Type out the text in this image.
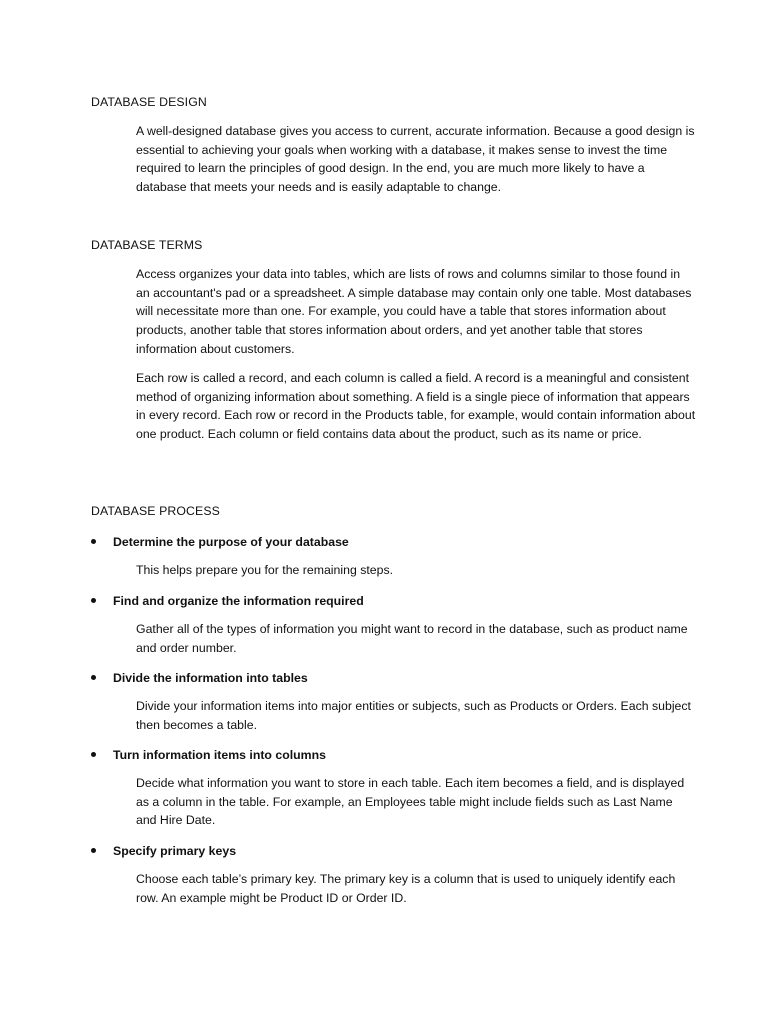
DATABASE DESIGN
A well-designed database gives you access to current, accurate information. Because a good design is essential to achieving your goals when working with a database, it makes sense to invest the time required to learn the principles of good design. In the end, you are much more likely to have a database that meets your needs and is easily adaptable to change.
DATABASE TERMS
Access organizes your data into tables, which are lists of rows and columns similar to those found in an accountant's pad or a spreadsheet. A simple database may contain only one table. Most databases will necessitate more than one. For example, you could have a table that stores information about products, another table that stores information about orders, and yet another table that stores information about customers.
Each row is called a record, and each column is called a field. A record is a meaningful and consistent method of organizing information about something. A field is a single piece of information that appears in every record. Each row or record in the Products table, for example, would contain information about one product. Each column or field contains data about the product, such as its name or price.
DATABASE PROCESS
Determine the purpose of your database
This helps prepare you for the remaining steps.
Find and organize the information required
Gather all of the types of information you might want to record in the database, such as product name and order number.
Divide the information into tables
Divide your information items into major entities or subjects, such as Products or Orders. Each subject then becomes a table.
Turn information items into columns
Decide what information you want to store in each table. Each item becomes a field, and is displayed as a column in the table. For example, an Employees table might include fields such as Last Name and Hire Date.
Specify primary keys
Choose each table’s primary key. The primary key is a column that is used to uniquely identify each row. An example might be Product ID or Order ID.
